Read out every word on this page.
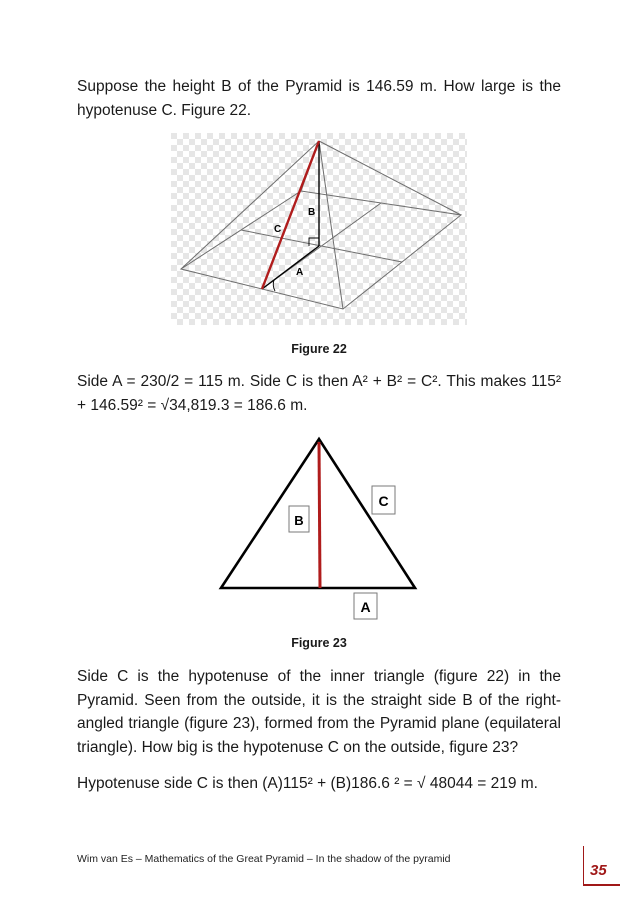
Suppose the height B of the Pyramid is 146.59 m. How large is the hypotenuse C. Figure 22.

B
C
A

Figure 22

Side A = 230/2 = 115 m. Side C is then A² + B² = C². This makes 115² + 146.59² = √34,819.3 = 186.6 m.

B
C
A

Figure 23

Side C is the hypotenuse of the inner triangle (figure 22) in the Pyramid. Seen from the outside, it is the straight side B of the right-angled triangle (figure 23), formed from the Pyramid plane (equilateral triangle). How big is the hypotenuse C on the outside, figure 23?

Hypotenuse side C is then (A)115² + (B)186.6 ² = √ 48044 = 219 m.

Wim van Es – Mathematics of the Great Pyramid – In the shadow of the pyramid
35
